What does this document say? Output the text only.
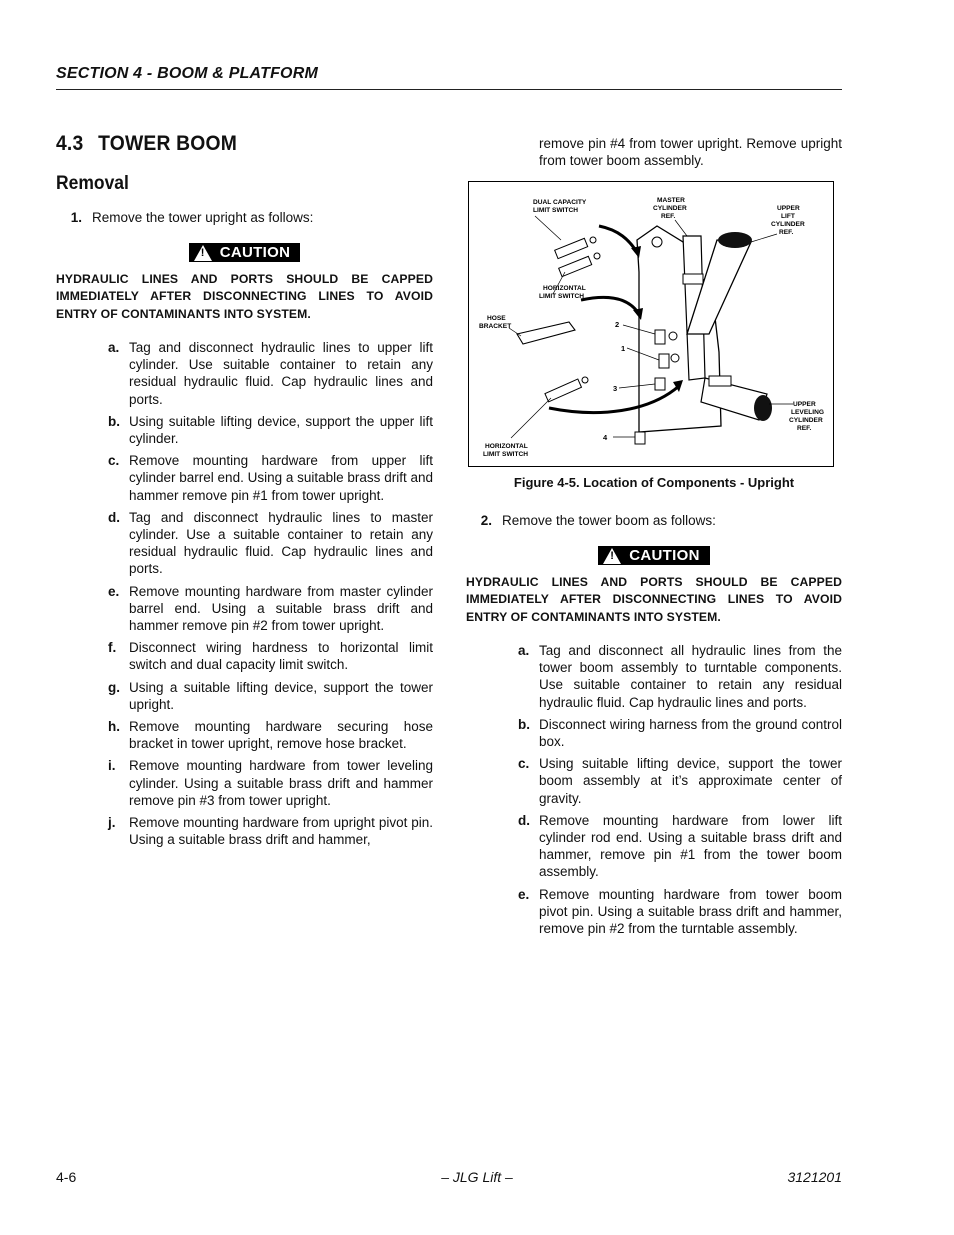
SECTION 4 - BOOM & PLATFORM
4.3 TOWER BOOM
Removal
1. Remove the tower upright as follows:
! CAUTION
HYDRAULIC LINES AND PORTS SHOULD BE CAPPED IMMEDIATELY AFTER DISCONNECTING LINES TO AVOID ENTRY OF CONTAMINANTS INTO SYSTEM.
a. Tag and disconnect hydraulic lines to upper lift cylinder. Use suitable container to retain any residual hydraulic fluid. Cap hydraulic lines and ports.
b. Using suitable lifting device, support the upper lift cylinder.
c. Remove mounting hardware from upper lift cylinder barrel end. Using a suitable brass drift and hammer remove pin #1 from tower upright.
d. Tag and disconnect hydraulic lines to master cylinder. Use a suitable container to retain any residual hydraulic fluid. Cap hydraulic lines and ports.
e. Remove mounting hardware from master cylinder barrel end. Using a suitable brass drift and hammer remove pin #2 from tower upright.
f. Disconnect wiring hardness to horizontal limit switch and dual capacity limit switch.
g. Using a suitable lifting device, support the tower upright.
h. Remove mounting hardware securing hose bracket in tower upright, remove hose bracket.
i. Remove mounting hardware from tower leveling cylinder. Using a suitable brass drift and hammer remove pin #3 from tower upright.
j. Remove mounting hardware from upright pivot pin. Using a suitable brass drift and hammer,
remove pin #4 from tower upright. Remove upright from tower boom assembly.
DUAL CAPACITY LIMIT SWITCH
MASTER CYLINDER REF.
UPPER LIFT CYLINDER REF.
HORIZONTAL LIMIT SWITCH
HOSE BRACKET
UPPER LEVELING CYLINDER REF.
HORIZONTAL LIMIT SWITCH
2
1
3
4
Figure 4-5. Location of Components - Upright
2. Remove the tower boom as follows:
! CAUTION
HYDRAULIC LINES AND PORTS SHOULD BE CAPPED IMMEDIATELY AFTER DISCONNECTING LINES TO AVOID ENTRY OF CONTAMINANTS INTO SYSTEM.
a. Tag and disconnect all hydraulic lines from the tower boom assembly to turntable components. Use suitable container to retain any residual hydraulic fluid. Cap hydraulic lines and ports.
b. Disconnect wiring harness from the ground control box.
c. Using suitable lifting device, support the tower boom assembly at it’s approximate center of gravity.
d. Remove mounting hardware from lower lift cylinder rod end. Using a suitable brass drift and hammer, remove pin #1 from the tower boom assembly.
e. Remove mounting hardware from tower boom pivot pin. Using a suitable brass drift and hammer, remove pin #2 from the turntable assembly.
4-6	– JLG Lift –	3121201
